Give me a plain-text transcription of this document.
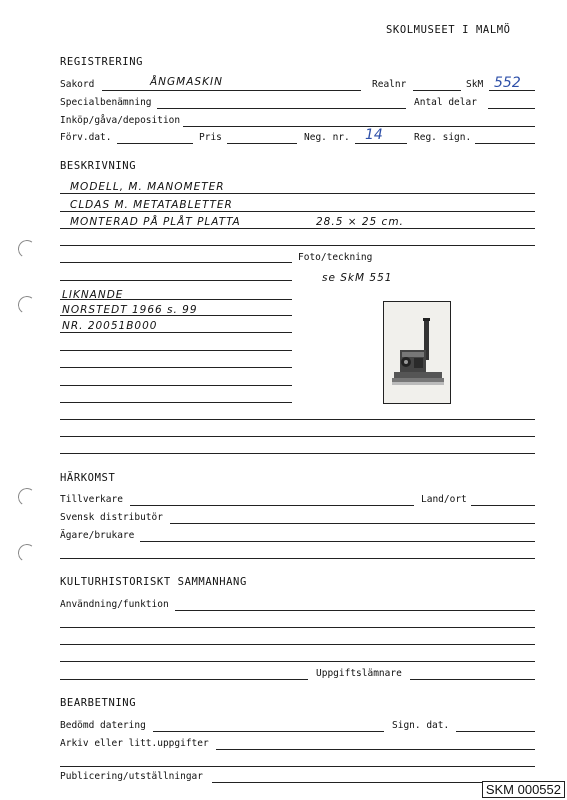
SKOLMUSEET I MALMÖ
REGISTRERING
Sakord	ÅNGMASKIN	Realnr	SkM 552
Specialbenämning	Antal delar
Inköp/gåva/deposition
Förv.dat.	Pris	Neg. nr. 14	Reg. sign.
BESKRIVNING
MODELL, M. MANOMETER
CLDAS M. METATABLETTER
MONTERAD PÅ PLÅT PLATTA	28.5 × 25 cm.
Foto/teckning
se SkM 551
LIKNANDE
NORSTEDT 1966 s. 99
NR. 20051B000
HÄRKOMST
Tillverkare	Land/ort
Svensk distributör
Ägare/brukare
KULTURHISTORISKT SAMMANHANG
Användning/funktion
Uppgiftslämnare
BEARBETNING
Bedömd datering	Sign. dat.
Arkiv eller litt.uppgifter
Publicering/utställningar
SKM 000552
